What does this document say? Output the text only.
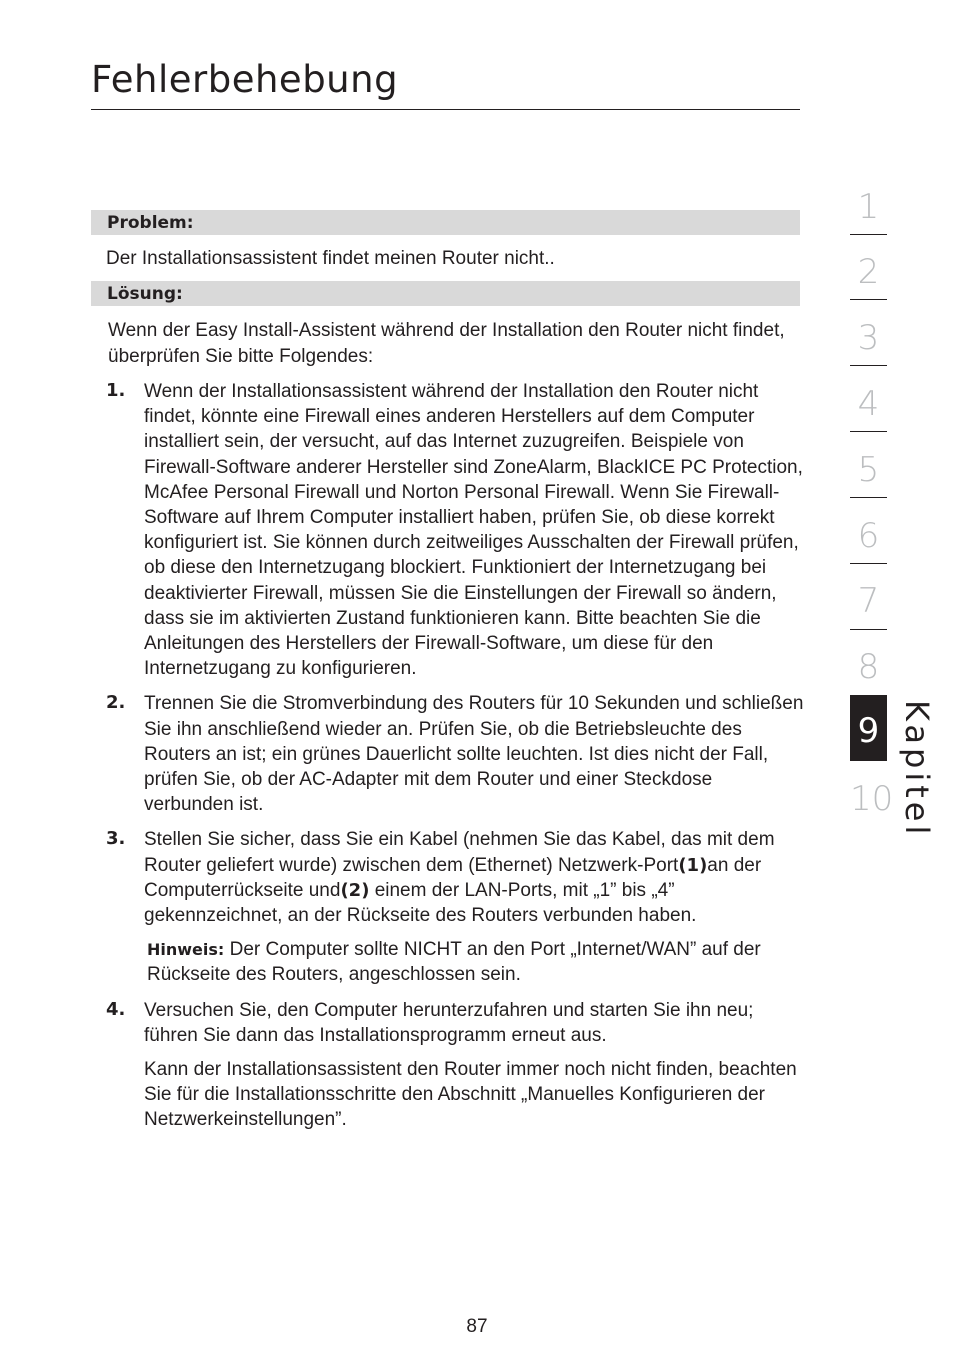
Fehlerbehebung
Problem:
Der Installationsassistent findet meinen Router nicht..
Lösung:

Wenn der Easy Install-Assistent während der Installation den Router nicht findet, überprüfen Sie bitte Folgendes:

1. Wenn der Installationsassistent während der Installation den Router nicht findet, könnte eine Firewall eines anderen Herstellers auf dem Computer installiert sein, der versucht, auf das Internet zuzugreifen. Beispiele von Firewall-Software anderer Hersteller sind ZoneAlarm, BlackICE PC Protection, McAfee Personal Firewall und Norton Personal Firewall. Wenn Sie Firewall-Software auf Ihrem Computer installiert haben, prüfen Sie, ob diese korrekt konfiguriert ist. Sie können durch zeitweiliges Ausschalten der Firewall prüfen, ob diese den Internetzugang blockiert. Funktioniert der Internetzugang bei deaktivierter Firewall, müssen Sie die Einstellungen der Firewall so ändern, dass sie im aktivierten Zustand funktionieren kann. Bitte beachten Sie die Anleitungen des Herstellers der Firewall-Software, um diese für den Internetzugang zu konfigurieren.

2. Trennen Sie die Stromverbindung des Routers für 10 Sekunden und schließen Sie ihn anschließend wieder an. Prüfen Sie, ob die Betriebsleuchte des Routers an ist; ein grünes Dauerlicht sollte leuchten. Ist dies nicht der Fall, prüfen Sie, ob der AC-Adapter mit dem Router und einer Steckdose verbunden ist.

3. Stellen Sie sicher, dass Sie ein Kabel (nehmen Sie das Kabel, das mit dem Router geliefert wurde) zwischen dem (Ethernet) Netzwerk-Port(1)an der Computerrückseite und(2) einem der LAN-Ports, mit „1” bis „4” gekennzeichnet, an der Rückseite des Routers verbunden haben.

Hinweis: Der Computer sollte NICHT an den Port „Internet/WAN” auf der Rückseite des Routers, angeschlossen sein.
4. Versuchen Sie, den Computer herunterzufahren und starten Sie ihn neu; führen Sie dann das Installationsprogramm erneut aus.

Kann der Installationsassistent den Router immer noch nicht finden, beachten Sie für die Installationsschritte den Abschnitt „Manuelles Konfigurieren der Netzwerkeinstellungen”.

1
2
3
4
5
6
7
8
9
10 Kapitel
87
